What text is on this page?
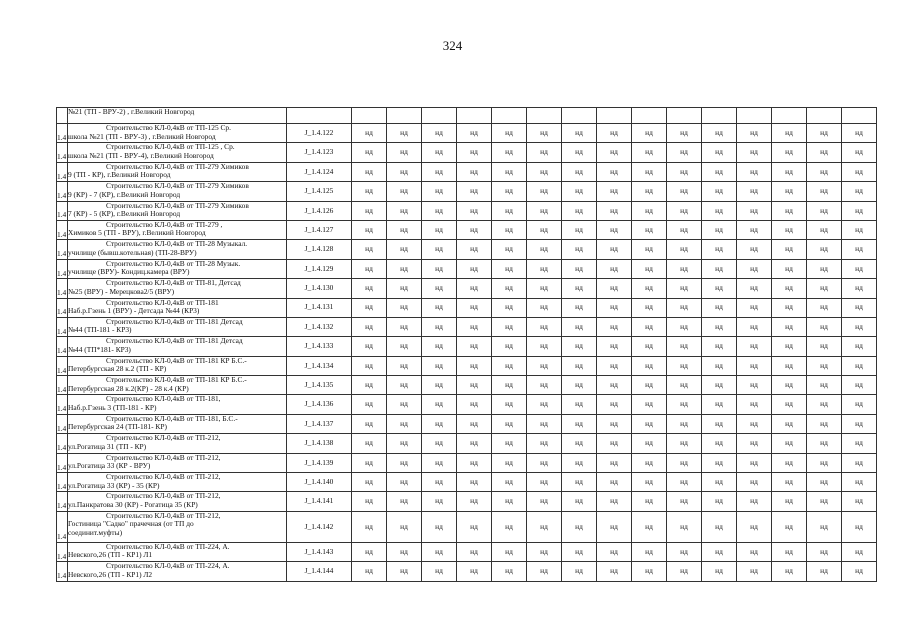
324
	№21 (ТП - ВРУ-2) , г.Великий Новгород																
1.4	Строительство КЛ-0,4кВ от ТП-125 Ср.
школа №21 (ТП - ВРУ-3) , г.Великий Новгород	J_1.4.122	нд	нд	нд	нд	нд	нд	нд	нд	нд	нд	нд	нд	нд	нд	нд
1.4	Строительство КЛ-0,4кВ от ТП-125 , Ср.
школа №21 (ТП - ВРУ-4), г.Великий Новгород	J_1.4.123	нд	нд	нд	нд	нд	нд	нд	нд	нд	нд	нд	нд	нд	нд	нд
1.4	Строительство КЛ-0,4кВ от ТП-279 Химиков
9 (ТП - КР), г.Великий Новгород	J_1.4.124	нд	нд	нд	нд	нд	нд	нд	нд	нд	нд	нд	нд	нд	нд	нд
1.4	Строительство КЛ-0,4кВ от ТП-279 Химиков
9 (КР) - 7 (КР), г.Великий Новгород	J_1.4.125	нд	нд	нд	нд	нд	нд	нд	нд	нд	нд	нд	нд	нд	нд	нд
1.4	Строительство КЛ-0,4кВ от ТП-279 Химиков
7 (КР) - 5 (КР), г.Великий Новгород	J_1.4.126	нд	нд	нд	нд	нд	нд	нд	нд	нд	нд	нд	нд	нд	нд	нд
1.4	Строительство КЛ-0,4кВ от ТП-279 ,
Химиков 5 (ТП - ВРУ), г.Великий Новгород	J_1.4.127	нд	нд	нд	нд	нд	нд	нд	нд	нд	нд	нд	нд	нд	нд	нд
1.4	Строительство КЛ-0,4кВ от ТП-28 Музыкал.
училище (бывш.котельная) (ТП-28-ВРУ)	J_1.4.128	нд	нд	нд	нд	нд	нд	нд	нд	нд	нд	нд	нд	нд	нд	нд
1.4	Строительство КЛ-0,4кВ от ТП-28 Музык.
училище (ВРУ)- Кондиц.камера (ВРУ)	J_1.4.129	нд	нд	нд	нд	нд	нд	нд	нд	нд	нд	нд	нд	нд	нд	нд
1.4	Строительство КЛ-0,4кВ от ТП-81, Детсад
№25 (ВРУ) - Мерецкова2/5 (ВРУ)	J_1.4.130	нд	нд	нд	нд	нд	нд	нд	нд	нд	нд	нд	нд	нд	нд	нд
1.4	Строительство КЛ-0,4кВ от ТП-181
Наб.р.Гзень 1 (ВРУ) - Детсада №44 (КР3)	J_1.4.131	нд	нд	нд	нд	нд	нд	нд	нд	нд	нд	нд	нд	нд	нд	нд
1.4	Строительство КЛ-0,4кВ от ТП-181 Детсад
№44 (ТП-181 - КР3)	J_1.4.132	нд	нд	нд	нд	нд	нд	нд	нд	нд	нд	нд	нд	нд	нд	нд
1.4	Строительство КЛ-0,4кВ от ТП-181 Детсад
№44 (ТП*181- КР3)	J_1.4.133	нд	нд	нд	нд	нд	нд	нд	нд	нд	нд	нд	нд	нд	нд	нд
1.4	Строительство КЛ-0,4кВ от ТП-181 КР Б.С.-
Петербургская 28 к.2 (ТП - КР)	J_1.4.134	нд	нд	нд	нд	нд	нд	нд	нд	нд	нд	нд	нд	нд	нд	нд
1.4	Строительство КЛ-0,4кВ от ТП-181 КР Б.С.-
Петербургская 28 к.2(КР) - 28 к.4 (КР)	J_1.4.135	нд	нд	нд	нд	нд	нд	нд	нд	нд	нд	нд	нд	нд	нд	нд
1.4	Строительство КЛ-0,4кВ от ТП-181,
Наб.р.Гзень 3 (ТП-181 - КР)	J_1.4.136	нд	нд	нд	нд	нд	нд	нд	нд	нд	нд	нд	нд	нд	нд	нд
1.4	Строительство КЛ-0,4кВ от ТП-181, Б.С.-
Петербургская 24 (ТП-181- КР)	J_1.4.137	нд	нд	нд	нд	нд	нд	нд	нд	нд	нд	нд	нд	нд	нд	нд
1.4	Строительство КЛ-0,4кВ от ТП-212,
ул.Рогатица 31 (ТП - КР)	J_1.4.138	нд	нд	нд	нд	нд	нд	нд	нд	нд	нд	нд	нд	нд	нд	нд
1.4	Строительство КЛ-0,4кВ от ТП-212,
ул.Рогатица 33 (КР - ВРУ)	J_1.4.139	нд	нд	нд	нд	нд	нд	нд	нд	нд	нд	нд	нд	нд	нд	нд
1.4	Строительство КЛ-0,4кВ от ТП-212,
ул.Рогатица 33 (КР) - 35 (КР)	J_1.4.140	нд	нд	нд	нд	нд	нд	нд	нд	нд	нд	нд	нд	нд	нд	нд
1.4	Строительство КЛ-0,4кВ от ТП-212,
ул.Панкратова 30 (КР) - Рогатица 35 (КР)	J_1.4.141	нд	нд	нд	нд	нд	нд	нд	нд	нд	нд	нд	нд	нд	нд	нд
1.4	Строительство КЛ-0,4кВ от ТП-212,
Гостиница "Садко" прачечная (от ТП до
соединит.муфты)	J_1.4.142	нд	нд	нд	нд	нд	нд	нд	нд	нд	нд	нд	нд	нд	нд	нд
1.4	Строительство КЛ-0,4кВ от ТП-224, А.
Невского,26 (ТП - КР1) Л1	J_1.4.143	нд	нд	нд	нд	нд	нд	нд	нд	нд	нд	нд	нд	нд	нд	нд
1.4	Строительство КЛ-0,4кВ от ТП-224, А.
Невского,26 (ТП - КР1) Л2	J_1.4.144	нд	нд	нд	нд	нд	нд	нд	нд	нд	нд	нд	нд	нд	нд	нд
